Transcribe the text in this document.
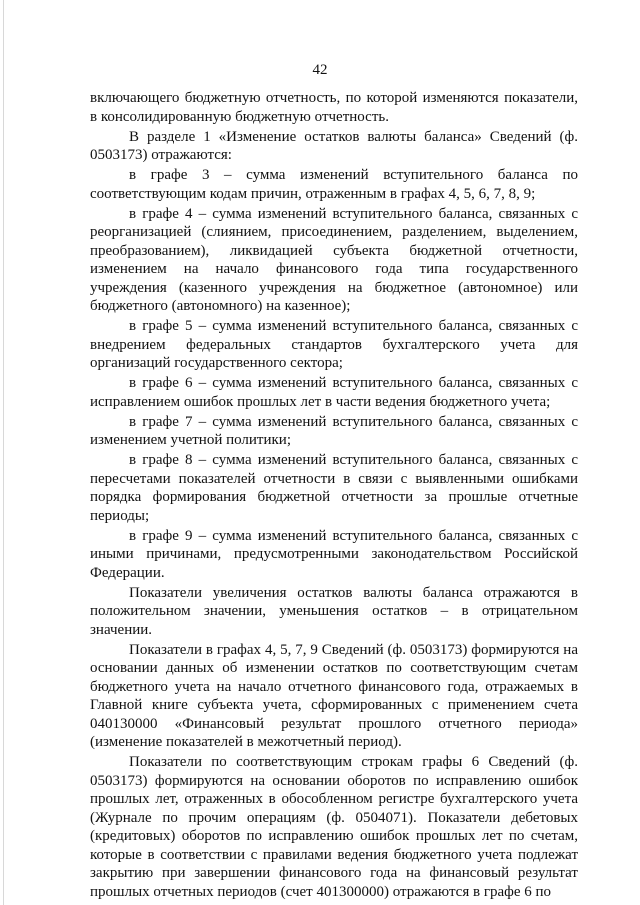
42

включающего бюджетную отчетность, по которой изменяются показатели, в консолидированную бюджетную отчетность.

В разделе 1 «Изменение остатков валюты баланса» Сведений (ф. 0503173) отражаются:

в графе 3 – сумма изменений вступительного баланса по соответствующим кодам причин, отраженным в графах 4, 5, 6, 7, 8, 9;

в графе 4 – сумма изменений вступительного баланса, связанных с реорганизацией (слиянием, присоединением, разделением, выделением, преобразованием), ликвидацией субъекта бюджетной отчетности, изменением на начало финансового года типа государственного учреждения (казенного учреждения на бюджетное (автономное) или бюджетного (автономного) на казенное);

в графе 5 – сумма изменений вступительного баланса, связанных с внедрением федеральных стандартов бухгалтерского учета для организаций государственного сектора;

в графе 6 – сумма изменений вступительного баланса, связанных с исправлением ошибок прошлых лет в части ведения бюджетного учета;

в графе 7 – сумма изменений вступительного баланса, связанных с изменением учетной политики;

в графе 8 – сумма изменений вступительного баланса, связанных с пересчетами показателей отчетности в связи с выявленными ошибками порядка формирования бюджетной отчетности за прошлые отчетные периоды;

в графе 9 – сумма изменений вступительного баланса, связанных с иными причинами, предусмотренными законодательством Российской Федерации.

Показатели увеличения остатков валюты баланса отражаются в положительном значении, уменьшения остатков – в отрицательном значении.

Показатели в графах 4, 5, 7, 9 Сведений (ф. 0503173) формируются на основании данных об изменении остатков по соответствующим счетам бюджетного учета на начало отчетного финансового года, отражаемых в Главной книге субъекта учета, сформированных с применением счета 040130000 «Финансовый результат прошлого отчетного периода» (изменение показателей в межотчетный период).

Показатели по соответствующим строкам графы 6 Сведений (ф. 0503173) формируются на основании оборотов по исправлению ошибок прошлых лет, отраженных в обособленном регистре бухгалтерского учета (Журнале по прочим операциям (ф. 0504071). Показатели дебетовых (кредитовых) оборотов по исправлению ошибок прошлых лет по счетам, которые в соответствии с правилами ведения бюджетного учета подлежат закрытию при завершении финансового года на финансовый результат прошлых отчетных периодов (счет 401300000) отражаются в графе 6 по
